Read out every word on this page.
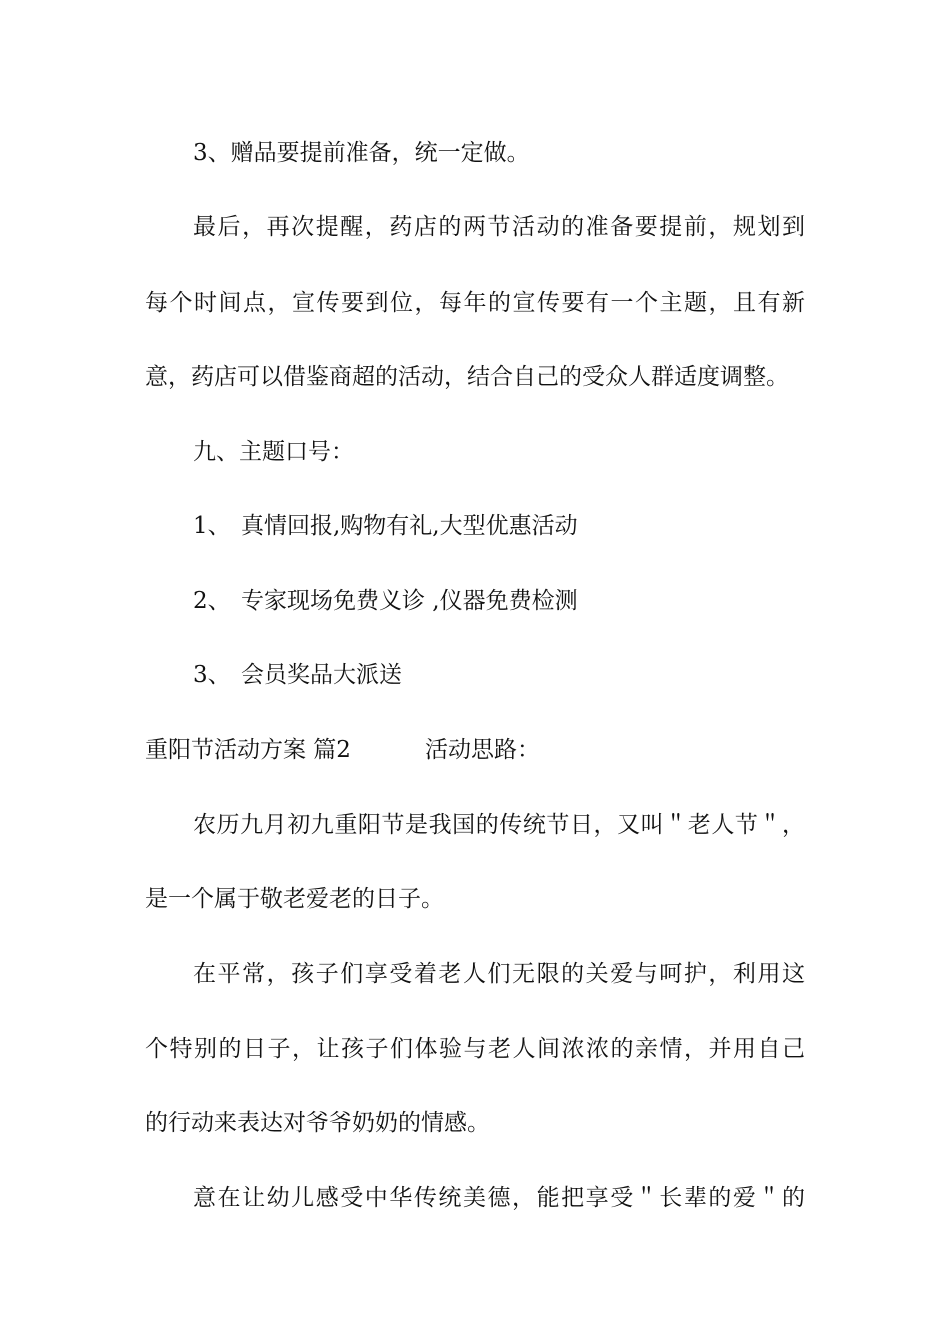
3、赠品要提前准备，统一定做。
最后，再次提醒，药店的两节活动的准备要提前，规划到
每个时间点，宣传要到位，每年的宣传要有一个主题，且有新
意，药店可以借鉴商超的活动，结合自己的受众人群适度调整。
九、主题口号：
1、 真情回报,购物有礼,大型优惠活动
2、 专家现场免费义诊 ,仪器免费检测
3、 会员奖品大派送
重阳节活动方案 篇2	活动思路：
农历九月初九重阳节是我国的传统节日，又叫＂老人节＂，
是一个属于敬老爱老的日子。
在平常，孩子们享受着老人们无限的关爱与呵护，利用这
个特别的日子，让孩子们体验与老人间浓浓的亲情，并用自己
的行动来表达对爷爷奶奶的情感。
意在让幼儿感受中华传统美德，能把享受＂长辈的爱＂的
